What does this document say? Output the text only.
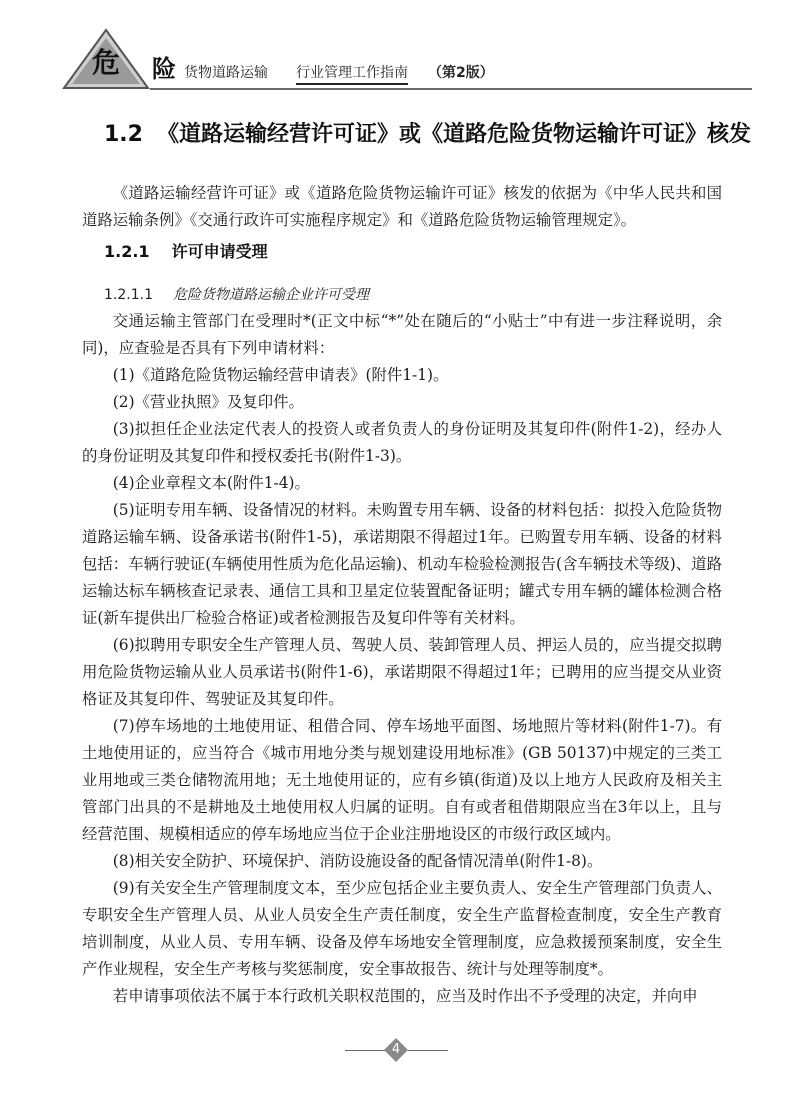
危 险 货物道路运输 行业管理工作指南 （第2版）
1.2 《道路运输经营许可证》或《道路危险货物运输许可证》核发

《道路运输经营许可证》或《道路危险货物运输许可证》核发的依据为《中华人民共和国道路运输条例》《交通行政许可实施程序规定》和《道路危险货物运输管理规定》。

1.2.1 许可申请受理
1.2.1.1 危险货物道路运输企业许可受理

交通运输主管部门在受理时*(正文中标“*”处在随后的“小贴士”中有进一步注释说明，余同)，应查验是否具有下列申请材料：

(1)《道路危险货物运输经营申请表》(附件1-1)。

(2)《营业执照》及复印件。

(3)拟担任企业法定代表人的投资人或者负责人的身份证明及其复印件(附件1-2)，经办人的身份证明及其复印件和授权委托书(附件1-3)。

(4)企业章程文本(附件1-4)。

(5)证明专用车辆、设备情况的材料。未购置专用车辆、设备的材料包括：拟投入危险货物道路运输车辆、设备承诺书(附件1-5)，承诺期限不得超过1年。已购置专用车辆、设备的材料包括：车辆行驶证(车辆使用性质为危化品运输)、机动车检验检测报告(含车辆技术等级)、道路运输达标车辆核查记录表、通信工具和卫星定位装置配备证明；罐式专用车辆的罐体检测合格证(新车提供出厂检验合格证)或者检测报告及复印件等有关材料。

(6)拟聘用专职安全生产管理人员、驾驶人员、装卸管理人员、押运人员的，应当提交拟聘用危险货物运输从业人员承诺书(附件1-6)，承诺期限不得超过1年；已聘用的应当提交从业资格证及其复印件、驾驶证及其复印件。

(7)停车场地的土地使用证、租借合同、停车场地平面图、场地照片等材料(附件1-7)。有土地使用证的，应当符合《城市用地分类与规划建设用地标准》(GB 50137)中规定的三类工业用地或三类仓储物流用地；无土地使用证的，应有乡镇(街道)及以上地方人民政府及相关主管部门出具的不是耕地及土地使用权人归属的证明。自有或者租借期限应当在3年以上，且与经营范围、规模相适应的停车场地应当位于企业注册地设区的市级行政区域内。

(8)相关安全防护、环境保护、消防设施设备的配备情况清单(附件1-8)。

(9)有关安全生产管理制度文本，至少应包括企业主要负责人、安全生产管理部门负责人、专职安全生产管理人员、从业人员安全生产责任制度，安全生产监督检查制度，安全生产教育培训制度，从业人员、专用车辆、设备及停车场地安全管理制度，应急救援预案制度，安全生产作业规程，安全生产考核与奖惩制度，安全事故报告、统计与处理等制度*。

若申请事项依法不属于本行政机关职权范围的，应当及时作出不予受理的决定，并向申

4
